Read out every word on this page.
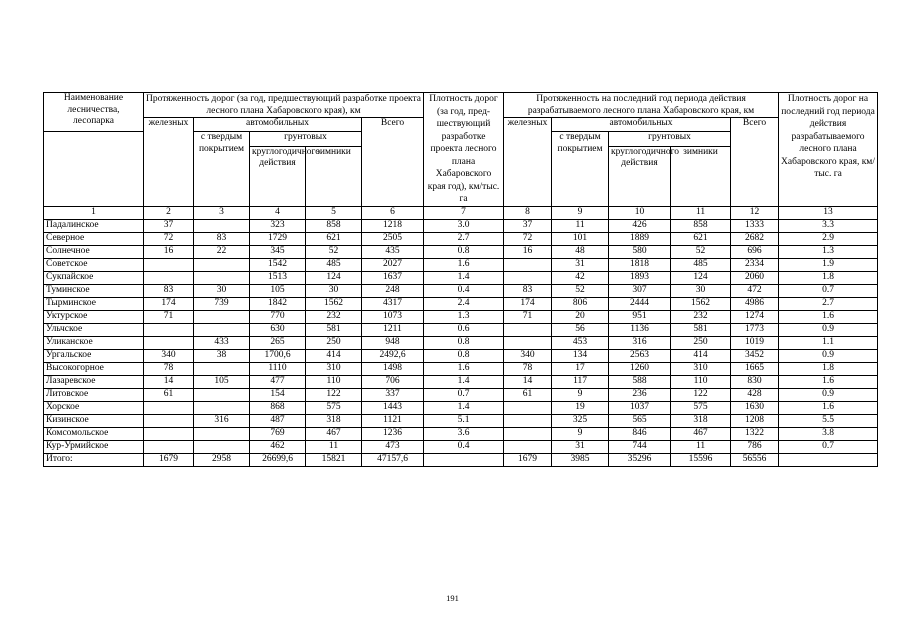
Наименование лесничества, лесопарка	Протяженность дорог (за год, предшествующий разработке проекта лесного плана Хабаровского края), км					Плотность дорог (за год, пред-шествующий разработке проекта лесного плана Хабаровского края год), км/тыс. га	Протяженность на последний год периода действия разрабатываемого лесного плана Хабаровского края, км					Плотность дорог на последний год периода действия разрабатываемого лесного плана Хабаровского края, км/тыс. га
	железных	автомобильных			Всего		железных	автомобильных			Всего	
		с твердым покрытием	грунтовых					с твердым покрытием	грунтовых			
			круглогодичного действия	зимники					круглогодичного действия	зимники		
1	2	3	4	5	6	7	8	9	10	11	12	13
Падалинское	37		323	858	1218	3.0	37	11	426	858	1333	3.3
Северное	72	83	1729	621	2505	2.7	72	101	1889	621	2682	2.9
Солнечное	16	22	345	52	435	0.8	16	48	580	52	696	1.3
Советское			1542	485	2027	1.6		31	1818	485	2334	1.9
Сукпайское			1513	124	1637	1.4		42	1893	124	2060	1.8
Туминское	83	30	105	30	248	0.4	83	52	307	30	472	0.7
Тырминское	174	739	1842	1562	4317	2.4	174	806	2444	1562	4986	2.7
Уктурское	71		770	232	1073	1.3	71	20	951	232	1274	1.6
Ульчское			630	581	1211	0.6		56	1136	581	1773	0.9
Уликанское		433	265	250	948	0.8		453	316	250	1019	1.1
Ургальское	340	38	1700,6	414	2492,6	0.8	340	134	2563	414	3452	0.9
Высокогорное	78		1110	310	1498	1.6	78	17	1260	310	1665	1.8
Лазаревское	14	105	477	110	706	1.4	14	117	588	110	830	1.6
Литовское	61		154	122	337	0.7	61	9	236	122	428	0.9
Хорское			868	575	1443	1.4		19	1037	575	1630	1.6
Кизинское		316	487	318	1121	5.1		325	565	318	1208	5.5
Комсомольское			769	467	1236	3.6		9	846	467	1322	3.8
Кур-Урмийское			462	11	473	0.4		31	744	11	786	0.7
Итого:	1679	2958	26699,6	15821	47157,6		1679	3985	35296	15596	56556	
191
